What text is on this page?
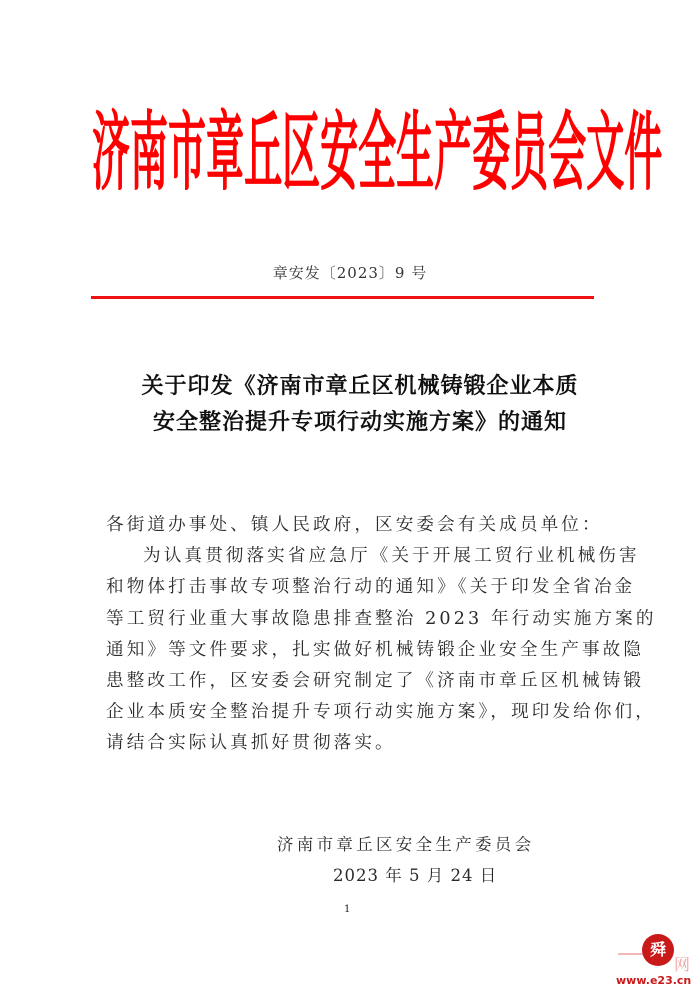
济 南 市 章 丘 区 安 全 生 产 委 员 会 文 件
章安发〔2023〕9 号
关于印发《济南市章丘区机械铸锻企业本质
安全整治提升专项行动实施方案》的通知
各街道办事处、镇人民政府，区安委会有关成员单位：
为认真贯彻落实省应急厅《关于开展工贸行业机械伤害
和物体打击事故专项整治行动的通知》《关于印发全省冶金
等工贸行业重大事故隐患排查整治 2023 年行动实施方案的
通知》等文件要求，扎实做好机械铸锻企业安全生产事故隐
患整改工作，区安委会研究制定了《济南市章丘区机械铸锻
企业本质安全整治提升专项行动实施方案》，现印发给你们，
请结合实际认真抓好贯彻落实。
济南市章丘区安全生产委员会
2023 年 5 月 24 日
1
舜
网
www.e23.cn
